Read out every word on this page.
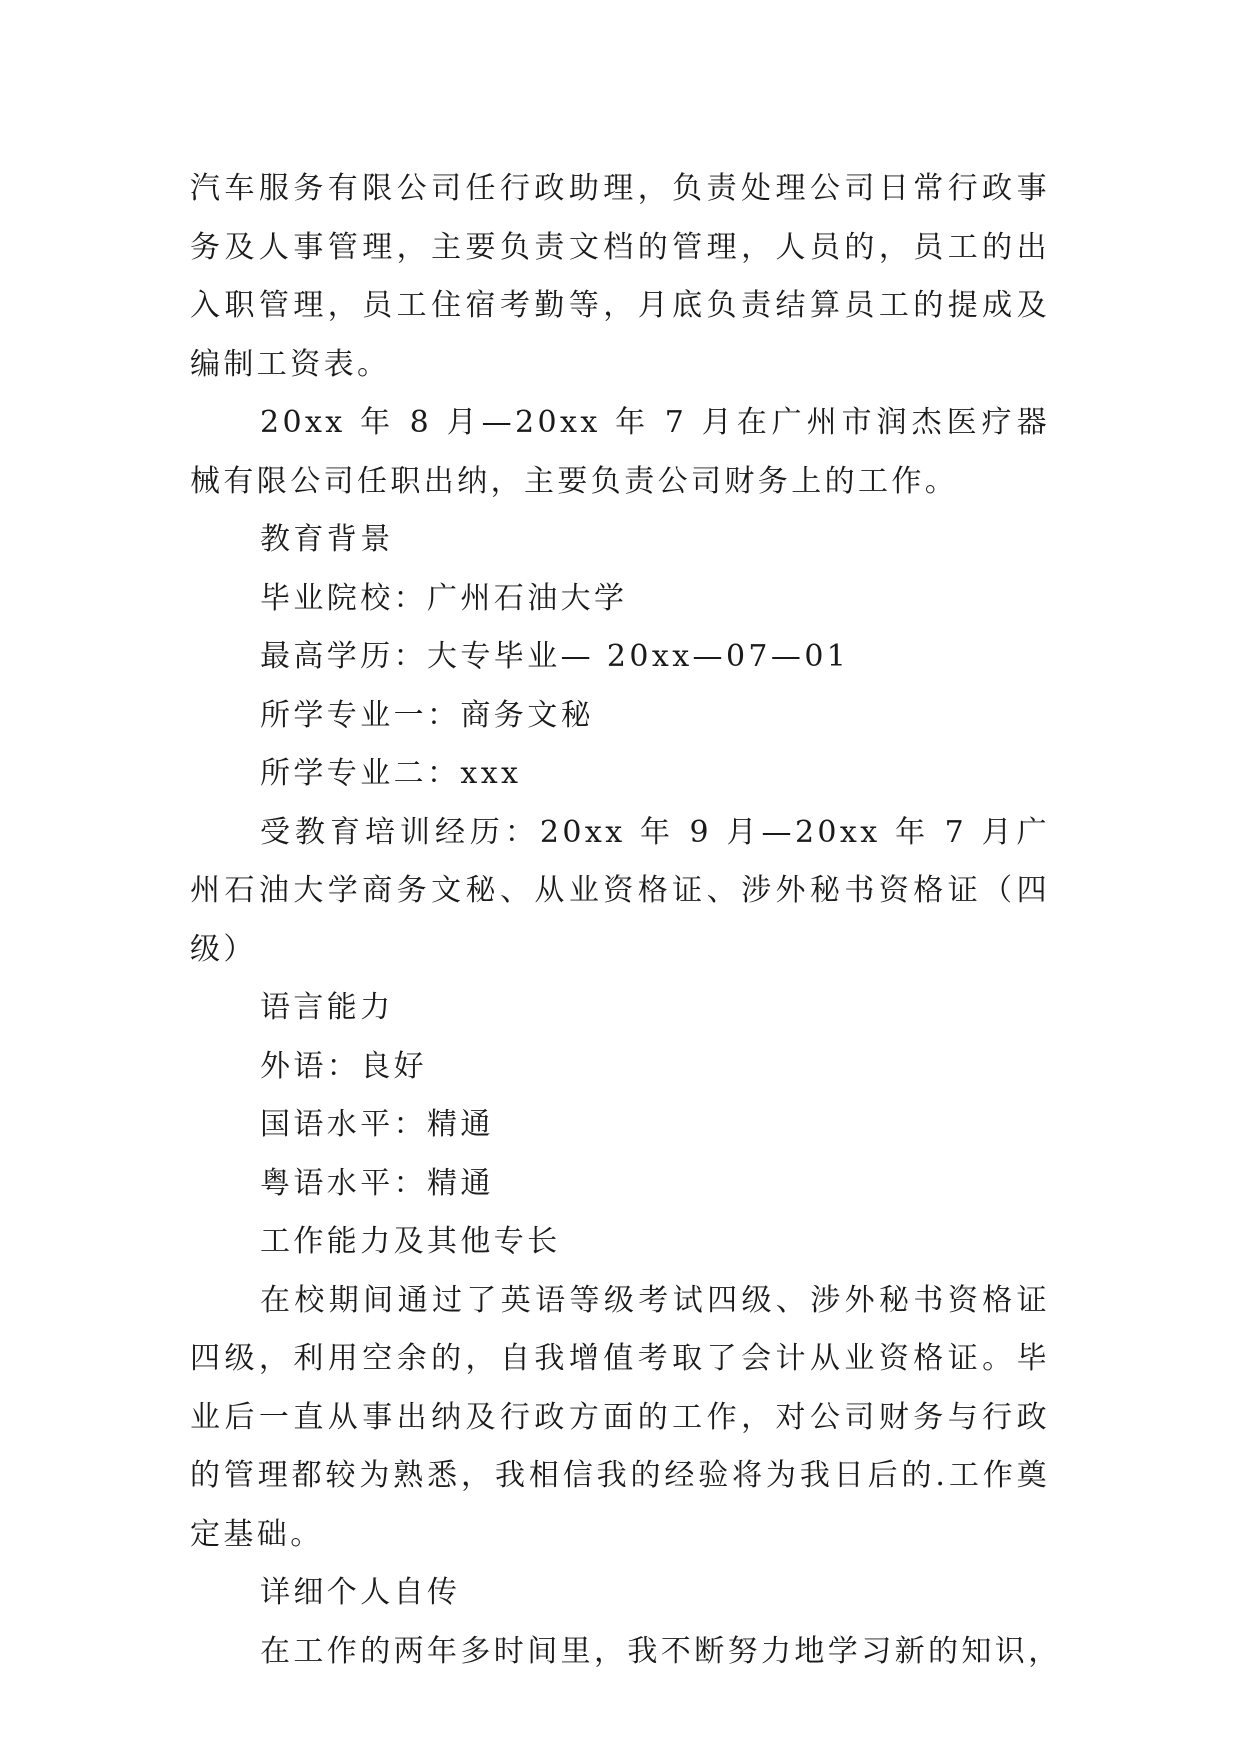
汽车服务有限公司任行政助理，负责处理公司日常行政事务及人事管理，主要负责文档的管理，人员的，员工的出入职管理，员工住宿考勤等，月底负责结算员工的提成及编制工资表。

20xx 年 8 月—20xx 年 7 月在广州市润杰医疗器械有限公司任职出纳，主要负责公司财务上的工作。

教育背景

毕业院校：广州石油大学

最高学历：大专毕业— 20xx—07—01

所学专业一：商务文秘

所学专业二：xxx

受教育培训经历：20xx 年 9 月—20xx 年 7 月广州石油大学商务文秘、从业资格证、涉外秘书资格证（四级）

语言能力

外语：良好

国语水平：精通

粤语水平：精通

工作能力及其他专长

在校期间通过了英语等级考试四级、涉外秘书资格证四级，利用空余的，自我增值考取了会计从业资格证。毕业后一直从事出纳及行政方面的工作，对公司财务与行政的管理都较为熟悉，我相信我的经验将为我日后的.工作奠定基础。

详细个人自传

在工作的两年多时间里，我不断努力地学习新的知识，
